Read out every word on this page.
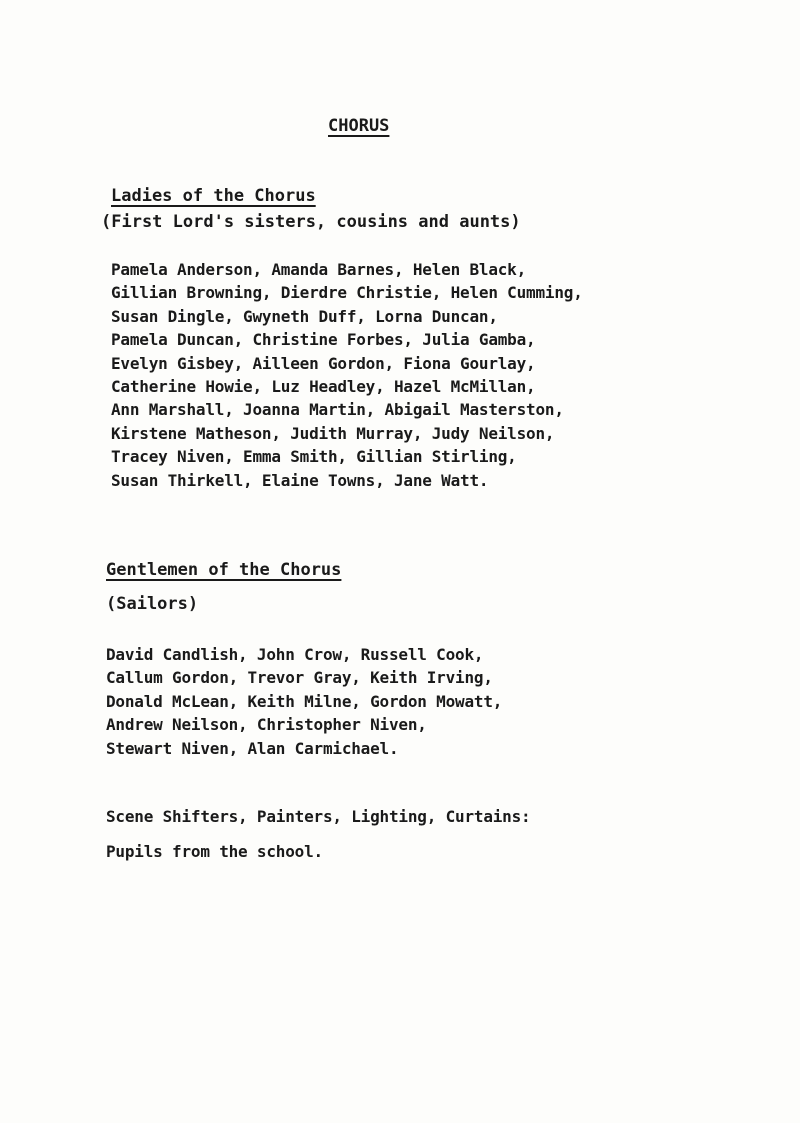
CHORUS
Ladies of the Chorus
(First Lord's sisters, cousins and aunts)
Pamela Anderson, Amanda Barnes, Helen Black,
Gillian Browning, Dierdre Christie, Helen Cumming,
Susan Dingle, Gwyneth Duff, Lorna Duncan,
Pamela Duncan, Christine Forbes, Julia Gamba,
Evelyn Gisbey, Ailleen Gordon, Fiona Gourlay,
Catherine Howie, Luz Headley, Hazel McMillan,
Ann Marshall, Joanna Martin, Abigail Masterston,
Kirstene Matheson, Judith Murray, Judy Neilson,
Tracey Niven, Emma Smith, Gillian Stirling,
Susan Thirkell, Elaine Towns, Jane Watt.
Gentlemen of the Chorus
(Sailors)
David Candlish, John Crow, Russell Cook,
Callum Gordon, Trevor Gray, Keith Irving,
Donald McLean, Keith Milne, Gordon Mowatt,
Andrew Neilson, Christopher Niven,
Stewart Niven, Alan Carmichael.
Scene Shifters, Painters, Lighting, Curtains:
Pupils from the school.
